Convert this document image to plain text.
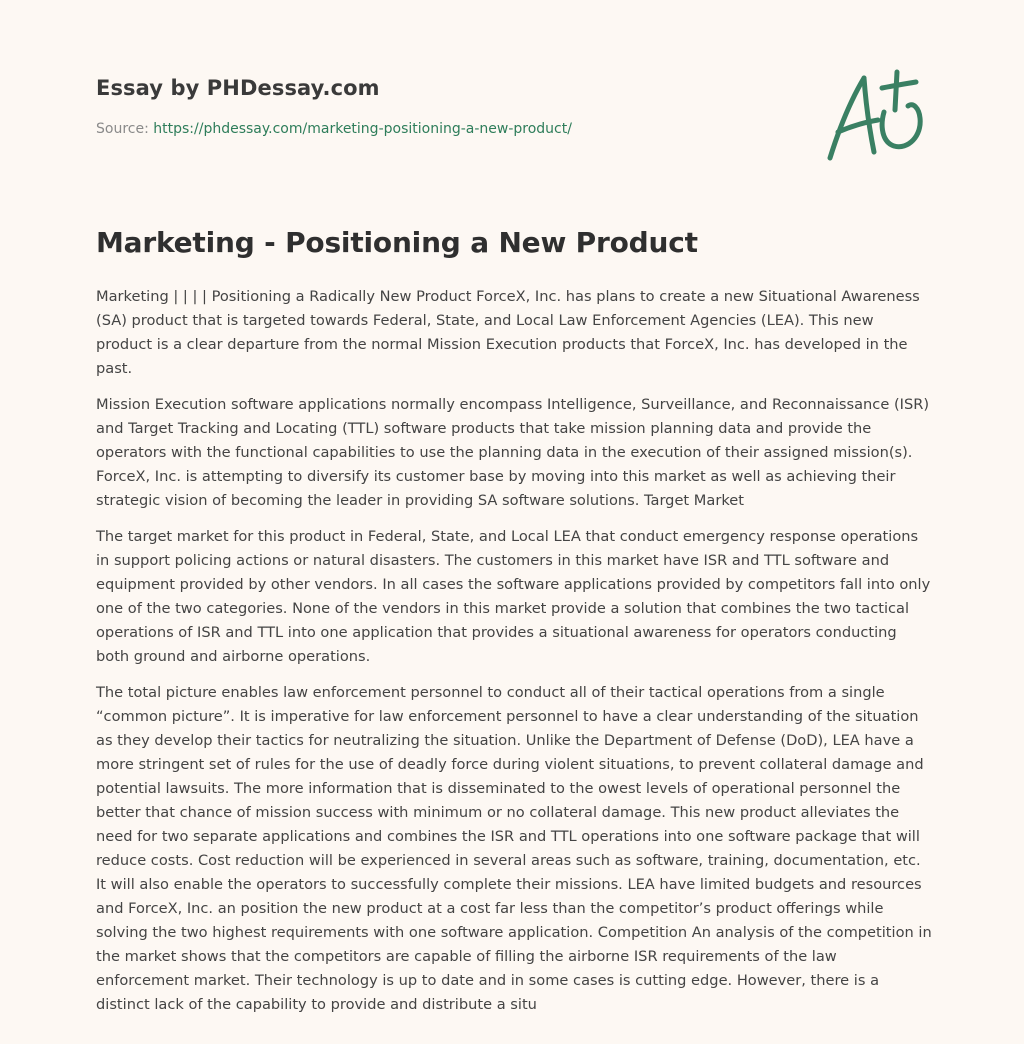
Essay by PHDessay.com
Source: https://phdessay.com/marketing-positioning-a-new-product/
Marketing - Positioning a New Product

Marketing | | | | Positioning a Radically New Product ForceX, Inc. has plans to create a new Situational Awareness (SA) product that is targeted towards Federal, State, and Local Law Enforcement Agencies (LEA). This new product is a clear departure from the normal Mission Execution products that ForceX, Inc. has developed in the past.

Mission Execution software applications normally encompass Intelligence, Surveillance, and Reconnaissance (ISR) and Target Tracking and Locating (TTL) software products that take mission planning data and provide the operators with the functional capabilities to use the planning data in the execution of their assigned mission(s). ForceX, Inc. is attempting to diversify its customer base by moving into this market as well as achieving their strategic vision of becoming the leader in providing SA software solutions. Target Market

The target market for this product in Federal, State, and Local LEA that conduct emergency response operations in support policing actions or natural disasters. The customers in this market have ISR and TTL software and equipment provided by other vendors. In all cases the software applications provided by competitors fall into only one of the two categories. None of the vendors in this market provide a solution that combines the two tactical operations of ISR and TTL into one application that provides a situational awareness for operators conducting both ground and airborne operations.

The total picture enables law enforcement personnel to conduct all of their tactical operations from a single “common picture”. It is imperative for law enforcement personnel to have a clear understanding of the situation as they develop their tactics for neutralizing the situation. Unlike the Department of Defense (DoD), LEA have a more stringent set of rules for the use of deadly force during violent situations, to prevent collateral damage and potential lawsuits. The more information that is disseminated to the owest levels of operational personnel the better that chance of mission success with minimum or no collateral damage. This new product alleviates the need for two separate applications and combines the ISR and TTL operations into one software package that will reduce costs. Cost reduction will be experienced in several areas such as software, training, documentation, etc. It will also enable the operators to successfully complete their missions. LEA have limited budgets and resources and ForceX, Inc. an position the new product at a cost far less than the competitor’s product offerings while solving the two highest requirements with one software application. Competition An analysis of the competition in the market shows that the competitors are capable of filling the airborne ISR requirements of the law enforcement market. Their technology is up to date and in some cases is cutting edge. However, there is a distinct lack of the capability to provide and distribute a situ
